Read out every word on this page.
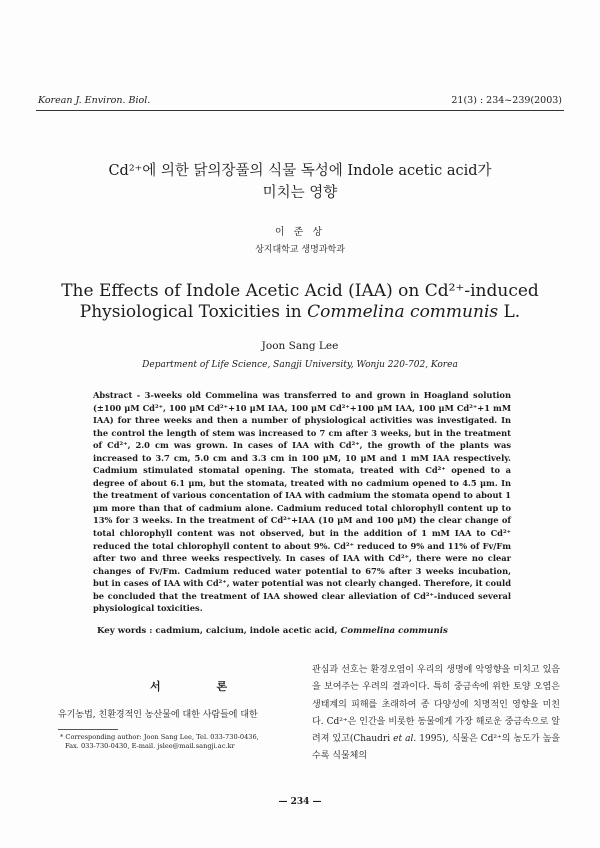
Korean J. Environ. Biol.	21(3) : 234~239(2003)
Cd²⁺에 의한 닭의장풀의 식물 독성에 Indole acetic acid가
미치는 영향
이 준 상
상지대학교 생명과학과
The Effects of Indole Acetic Acid (IAA) on Cd²⁺-induced
Physiological Toxicities in Commelina communis L.
Joon Sang Lee
Department of Life Science, Sangji University, Wonju 220-702, Korea
Abstract - 3-weeks old Commelina was transferred to and grown in Hoagland solution (±100 μM Cd²⁺, 100 μM Cd²⁺+10 μM IAA, 100 μM Cd²⁺+100 μM IAA, 100 μM Cd²⁺+1 mM IAA) for three weeks and then a number of physiological activities was investigated. In the control the length of stem was increased to 7 cm after 3 weeks, but in the treatment of Cd²⁺, 2.0 cm was grown. In cases of IAA with Cd²⁺, the growth of the plants was increased to 3.7 cm, 5.0 cm and 3.3 cm in 100 μM, 10 μM and 1 mM IAA respectively. Cadmium stimulated stomatal opening. The stomata, treated with Cd²⁺ opened to a degree of about 6.1 μm, but the stomata, treated with no cadmium opened to 4.5 μm. In the treatment of various concentation of IAA with cadmium the stomata opend to about 1 μm more than that of cadmium alone. Cadmium reduced total chlorophyll content up to 13% for 3 weeks. In the treatment of Cd²⁺+IAA (10 μM and 100 μM) the clear change of total chlorophyll content was not observed, but in the addition of 1 mM IAA to Cd²⁺ reduced the total chlorophyll content to about 9%. Cd²⁺ reduced to 9% and 11% of Fv/Fm after two and three weeks respectively. In cases of IAA with Cd²⁺, there were no clear changes of Fv/Fm. Cadmium reduced water potential to 67% after 3 weeks incubation, but in cases of IAA with Cd²⁺, water potential was not clearly changed. Therefore, it could be concluded that the treatment of IAA showed clear alleviation of Cd²⁺-induced several physiological toxicities.
Key words : cadmium, calcium, indole acetic acid, Commelina communis
서 론
유기농법, 친환경적인 농산물에 대한 사람들에 대한
* Corresponding author: Joon Sang Lee, Tel. 033-730-0436,
Fax. 033-730-0430, E-mail. jslee@mail.sangji.ac.kr
관심과 선호는 환경오염이 우리의 생명에 악영향을 미치고 있음을 보여주는 우려의 결과이다. 특히 중금속에 위한 토양 오염은 생태계의 피해를 초래하여 종 다양성에 치명적인 영향을 미친다. Cd²⁺은 인간을 비롯한 동물에게 가장 해로운 중금속으로 알려져 있고(Chaudri et al. 1995), 식물은 Cd²⁺의 농도가 높을수록 식물체의
— 234 —
